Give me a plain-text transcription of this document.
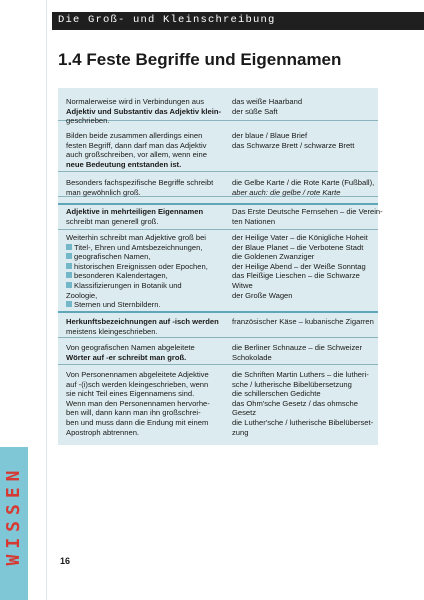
Die Groß- und Kleinschreibung
WISSEN
1.4 Feste Begriffe und Eigennamen
Normalerweise wird in Verbindungen aus
Adjektiv und Substantiv das Adjektiv klein-
geschrieben.
das weiße Haarband
der süße Saft
Bilden beide zusammen allerdings einen
festen Begriff, dann darf man das Adjektiv
auch großschreiben, vor allem, wenn eine
neue Bedeutung entstanden ist.
der blaue / Blaue Brief
das Schwarze Brett / schwarze Brett
Besonders fachspezifische Begriffe schreibt
man gewöhnlich groß.
die Gelbe Karte / die Rote Karte (Fußball),
aber auch: die gelbe / rote Karte
Adjektive in mehrteiligen Eigennamen
schreibt man generell groß.
Das Erste Deutsche Fernsehen – die Verein-
ten Nationen
Weiterhin schreibt man Adjektive groß bei
Titel-, Ehren und Amtsbezeichnungen,
geografischen Namen,
historischen Ereignissen oder Epochen,
besonderen Kalendertagen,
Klassifizierungen in Botanik und
Zoologie,
Sternen und Sternbildern.
der Heilige Vater – die Königliche Hoheit
der Blaue Planet – die Verbotene Stadt
die Goldenen Zwanziger
der Heilige Abend – der Weiße Sonntag
das Fleißige Lieschen – die Schwarze
Witwe
der Große Wagen
Herkunftsbezeichnungen auf -isch werden
meistens kleingeschrieben.
französischer Käse – kubanische Zigarren
Von geografischen Namen abgeleitete
Wörter auf -er schreibt man groß.
die Berliner Schnauze – die Schweizer
Schokolade
Von Personennamen abgeleitete Adjektive
auf -(i)sch werden kleingeschrieben, wenn
sie nicht Teil eines Eigennamens sind.
Wenn man den Personennamen hervorhe-
ben will, dann kann man ihn großschrei-
ben und muss dann die Endung mit einem
Apostroph abtrennen.
die Schriften Martin Luthers – die lutheri-
sche / lutherische Bibelübersetzung
die schillerschen Gedichte
das Ohm'sche Gesetz / das ohmsche
Gesetz
die Luther'sche / lutherische Bibelüberset-
zung
16
